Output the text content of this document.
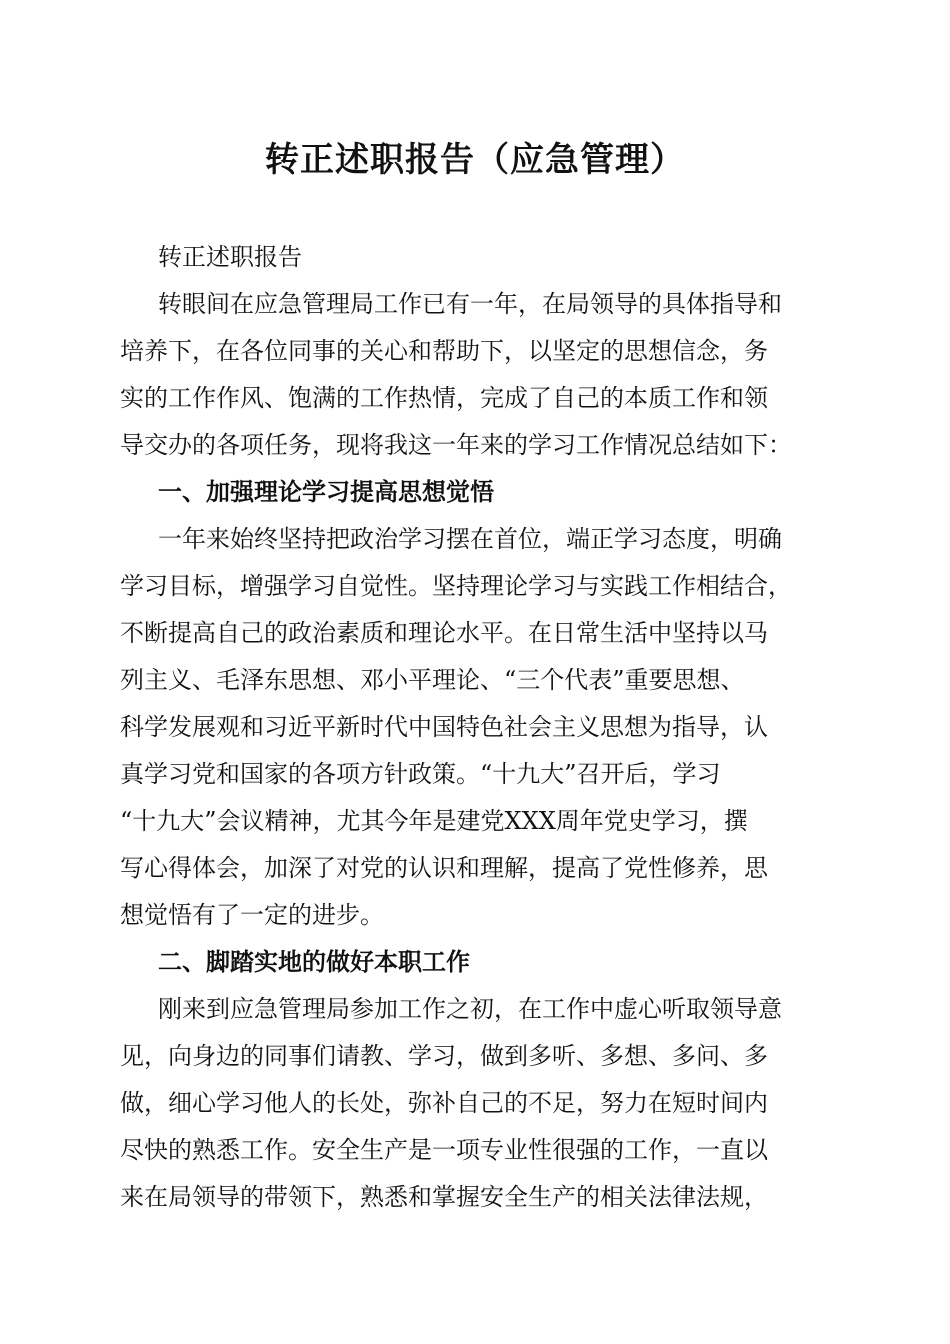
转正述职报告（应急管理）

转正述职报告

转眼间在应急管理局工作已有一年，在局领导的具体指导和

培养下，在各位同事的关心和帮助下，以坚定的思想信念，务

实的工作作风、饱满的工作热情，完成了自己的本质工作和领

导交办的各项任务，现将我这一年来的学习工作情况总结如下：

一、加强理论学习提高思想觉悟

一年来始终坚持把政治学习摆在首位，端正学习态度，明确

学习目标，增强学习自觉性。坚持理论学习与实践工作相结合，

不断提高自己的政治素质和理论水平。在日常生活中坚持以马

列主义、毛泽东思想、邓小平理论、“三个代表”重要思想、

科学发展观和习近平新时代中国特色社会主义思想为指导，认

真学习党和国家的各项方针政策。“十九大”召开后，学习

“十九大”会议精神，尤其今年是建党XXX周年党史学习，撰

写心得体会，加深了对党的认识和理解，提高了党性修养，思

想觉悟有了一定的进步。

二、脚踏实地的做好本职工作

刚来到应急管理局参加工作之初，在工作中虚心听取领导意

见，向身边的同事们请教、学习，做到多听、多想、多问、多

做，细心学习他人的长处，弥补自己的不足，努力在短时间内

尽快的熟悉工作。安全生产是一项专业性很强的工作，一直以

来在局领导的带领下，熟悉和掌握安全生产的相关法律法规，
